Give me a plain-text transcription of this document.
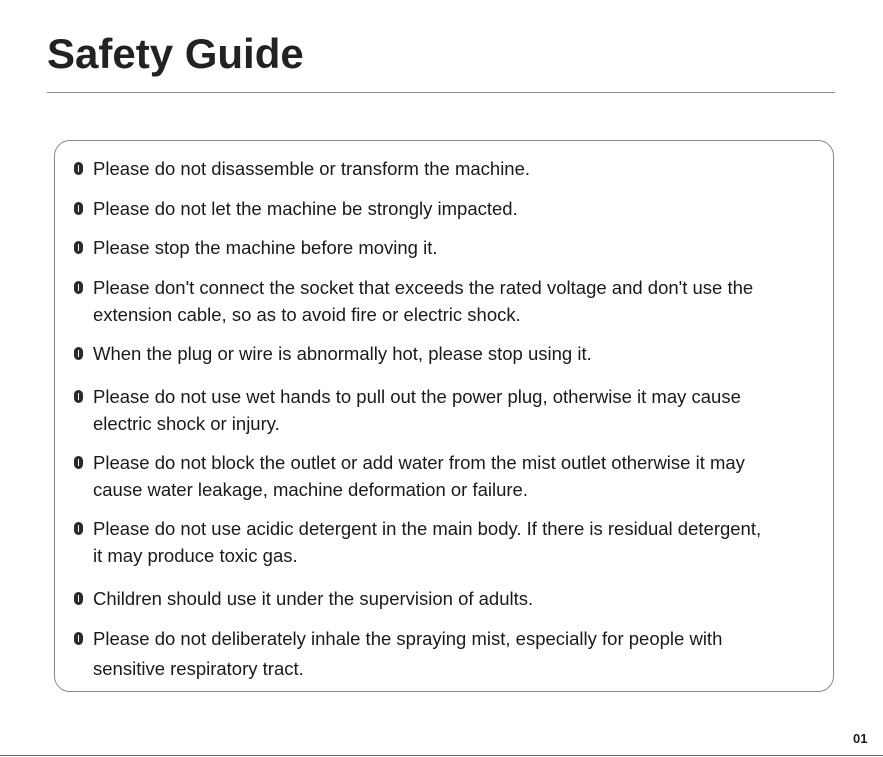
Safety Guide
Please do not disassemble or transform the machine.
Please do not let the machine be strongly impacted.
Please stop the machine before moving it.
Please don't connect the socket that exceeds the rated voltage and don't use the
extension cable, so as to avoid fire or electric shock.
When the plug or wire is abnormally hot, please stop using it.
Please do not use wet hands to pull out the power plug, otherwise it may cause
electric shock or injury.
Please do not block the outlet or add water from the mist outlet otherwise it may
cause water leakage, machine deformation or failure.
Please do not use acidic detergent in the main body. If there is residual detergent,
it may produce toxic gas.
Children should use it under the supervision of adults.
Please do not deliberately inhale the spraying mist, especially for people with
sensitive respiratory tract.
01
